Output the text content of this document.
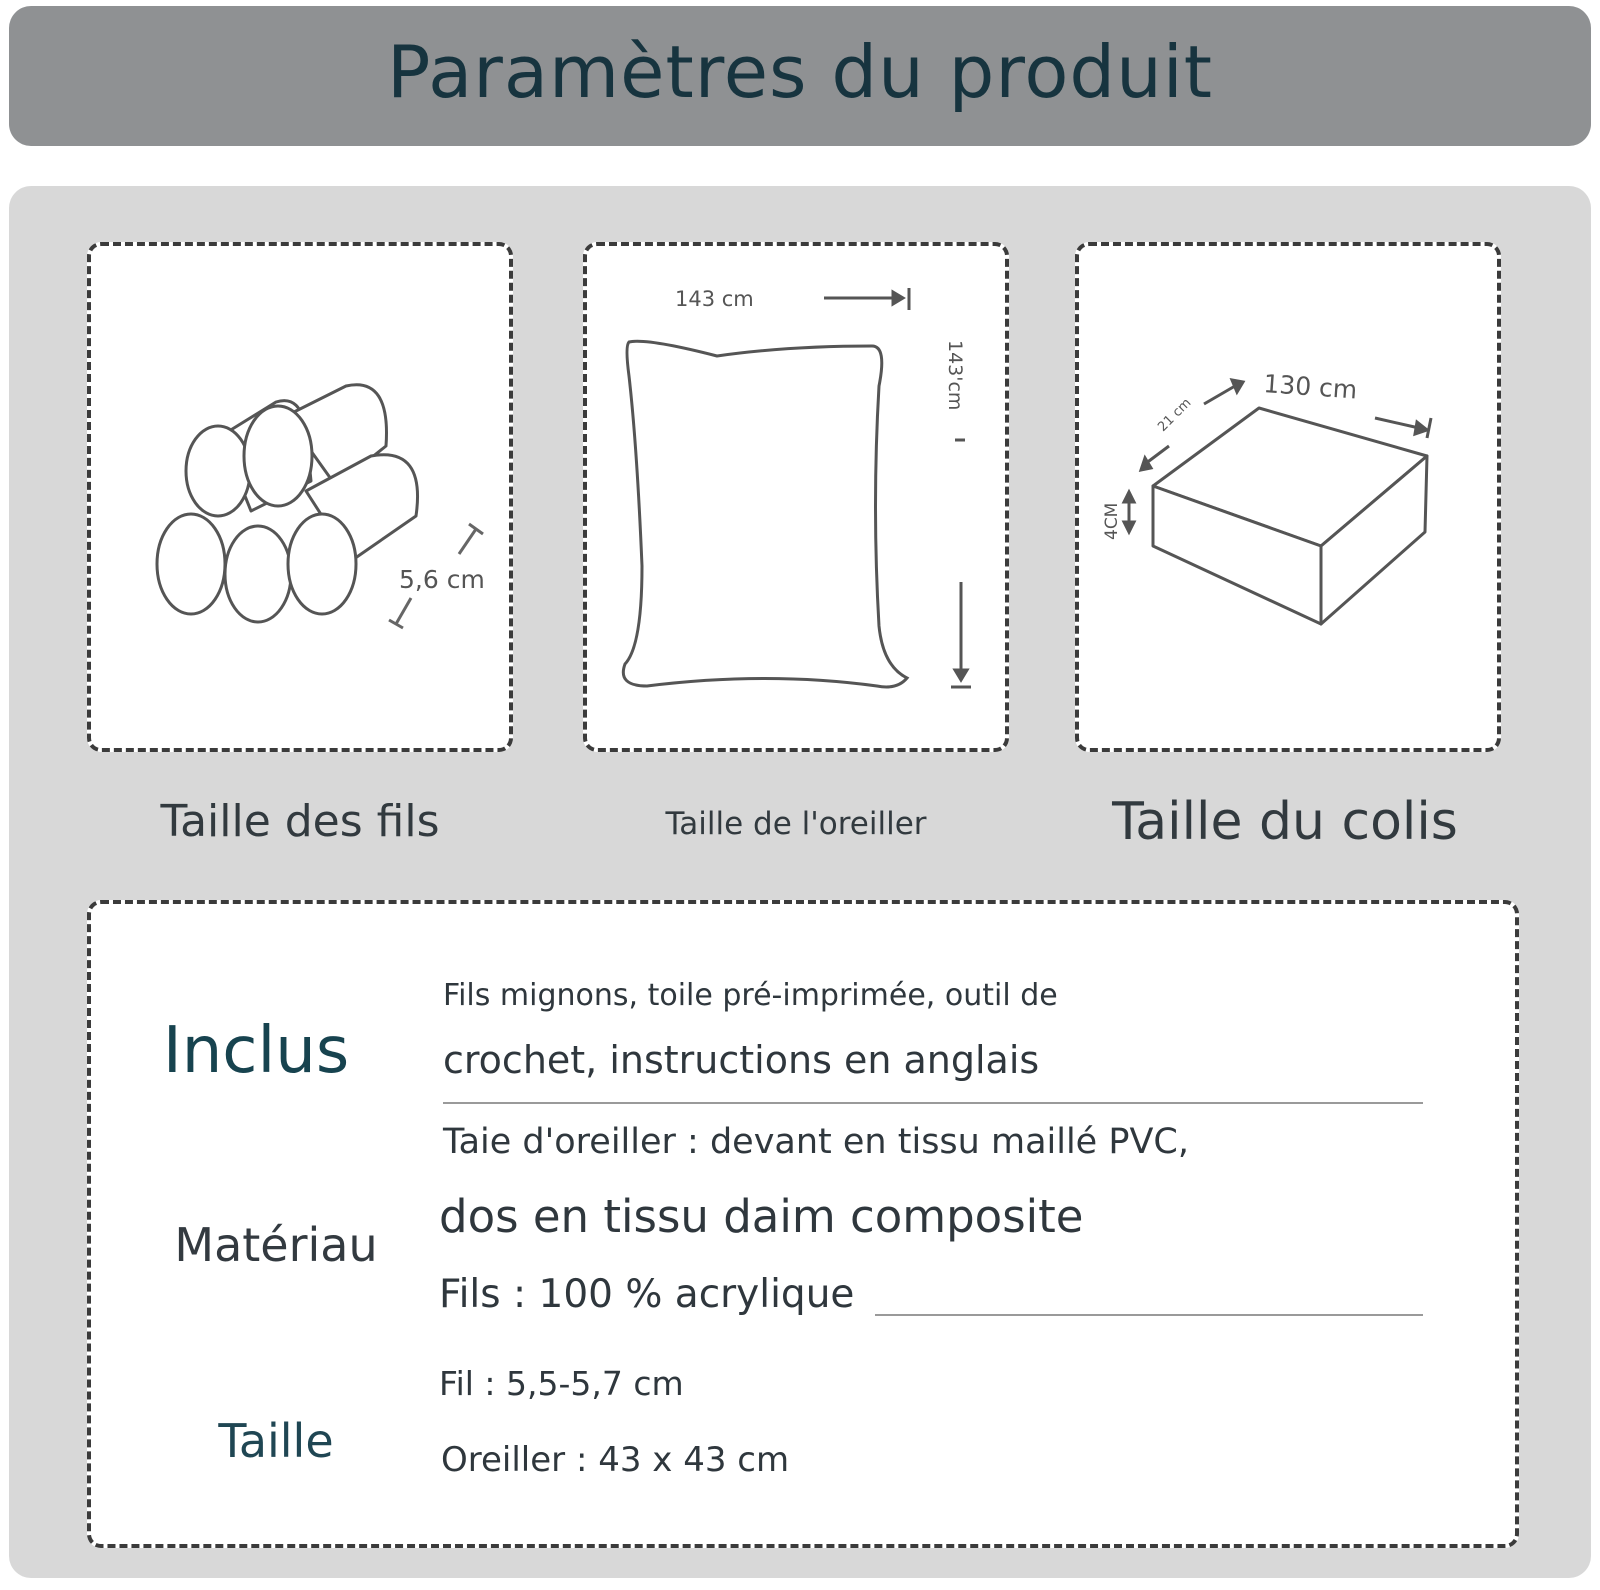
Paramètres du produit
5,6 cm
143 cm
143'cm	130 cm
21 cm
4CM
Taille des fils	Taille de l'oreiller	Taille du colis
Inclus
Fils mignons, toile pré-imprimée, outil de
crochet, instructions en anglais
Matériau
Taie d'oreiller : devant en tissu maillé PVC,
dos en tissu daim composite
Fils : 100 % acrylique
Taille
Fil : 5,5-5,7 cm
Oreiller : 43 x 43 cm
